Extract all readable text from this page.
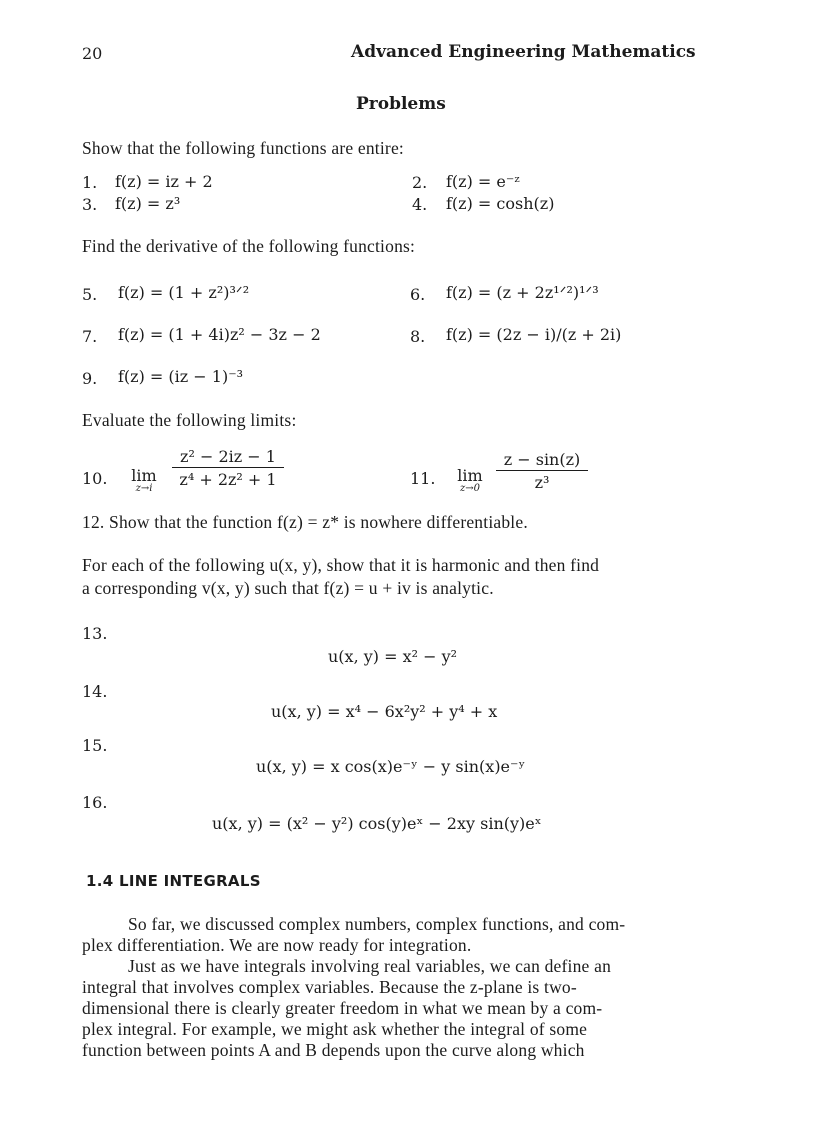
20	Advanced Engineering Mathematics
Problems
Show that the following functions are entire:
1. f(z) = iz + 2	2. f(z) = e⁻ᶻ
3. f(z) = z³	4. f(z) = cosh(z)
Find the derivative of the following functions:
5. f(z) = (1 + z²)³ᐟ²	6. f(z) = (z + 2z¹ᐟ²)¹ᐟ³
7. f(z) = (1 + 4i)z² − 3z − 2	8. f(z) = (2z − i)/(z + 2i)
9. f(z) = (iz − 1)⁻³
Evaluate the following limits:
10.	lim
z→i
z² − 2iz − 1
z⁴ + 2z² + 1	11.	lim
z→0
z − sin(z)
z³
12. Show that the function f(z) = z* is nowhere differentiable.
For each of the following u(x, y), show that it is harmonic and then find
a corresponding v(x, y) such that f(z) = u + iv is analytic.
13.
u(x, y) = x² − y²
14.
u(x, y) = x⁴ − 6x²y² + y⁴ + x
15.
u(x, y) = x cos(x)e⁻ʸ − y sin(x)e⁻ʸ
16.
u(x, y) = (x² − y²) cos(y)eˣ − 2xy sin(y)eˣ
1.4 LINE INTEGRALS
So far, we discussed complex numbers, complex functions, and com-
plex differentiation. We are now ready for integration.
Just as we have integrals involving real variables, we can define an
integral that involves complex variables. Because the z-plane is two-
dimensional there is clearly greater freedom in what we mean by a com-
plex integral. For example, we might ask whether the integral of some
function between points A and B depends upon the curve along which
